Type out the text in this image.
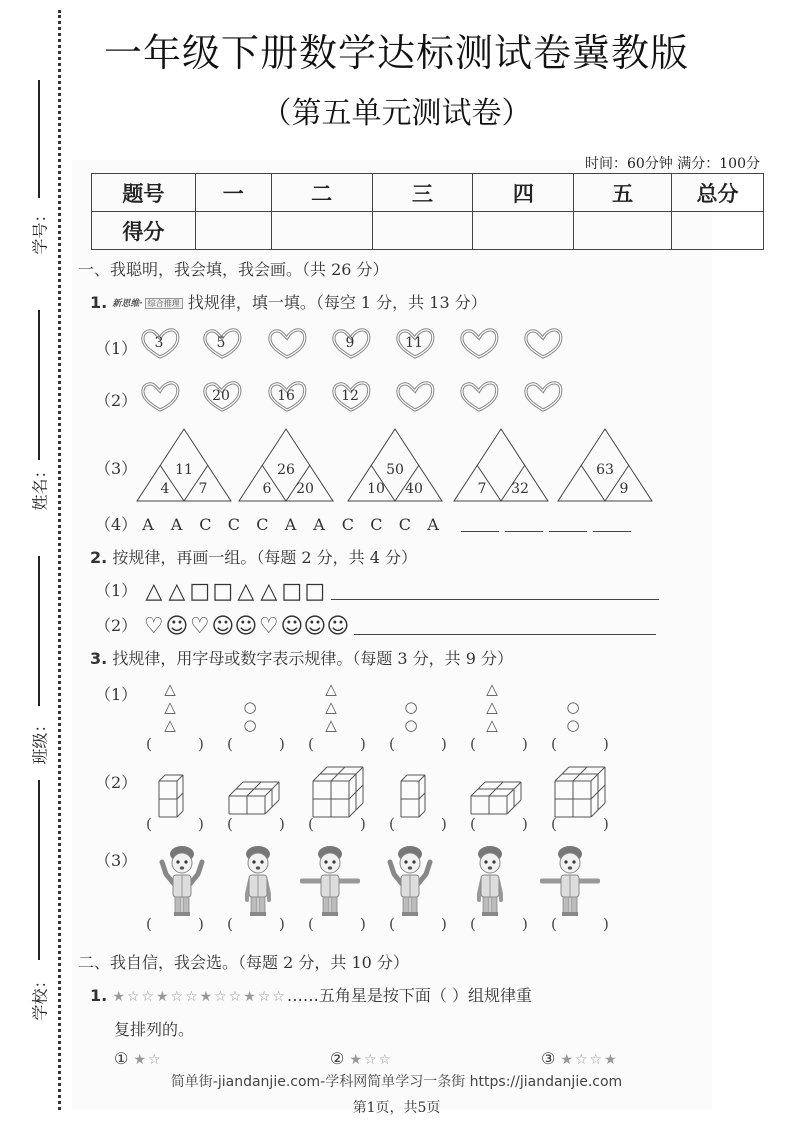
学号：
姓名：
班级：
学校：
一年级下册数学达标测试卷冀教版
（第五单元测试卷）
时间：60分钟 满分：100分
题号	一	二	三	四	五	总分
得分						
一、我聪明，我会填，我会画。（共 26 分）
1. 新思维· 综合推理 找规律，填一填。（每空 1 分，共 13 分）
（1）	3	5	9	11
（2）	20	16	12
（3）	11
4	7
26
6	20
50
10	40	7	32
63
9
（4） A A C C C A A C C C A
2. 按规律，再画一组。（每题 2 分，共 4 分）
（1） △ △ □ □ △ △ □ □
（2） ♡☺♡☺☺♡☺☺☺
3. 找规律，用字母或数字表示规律。（每题 3 分，共 9 分）
（1）	△
△
△
○
○
△
△
△
○
○
△
△
△
○
○
（2）
（3）
(	) (	) (	) (	) (	) (	)
(	) (	) (	) (	) (	) (	)
(	) (	) (	) (	) (	) (	)
二、我自信，我会选。（每题 2 分，共 10 分）
1. ★☆☆★☆☆★☆☆★☆☆……五角星是按下面（ ）组规律重
复排列的。
① ★☆	② ★☆☆	③ ★☆☆★
简单街-jiandanjie.com-学科网简单学习一条街 https://jiandanjie.com
第1页，共5页
